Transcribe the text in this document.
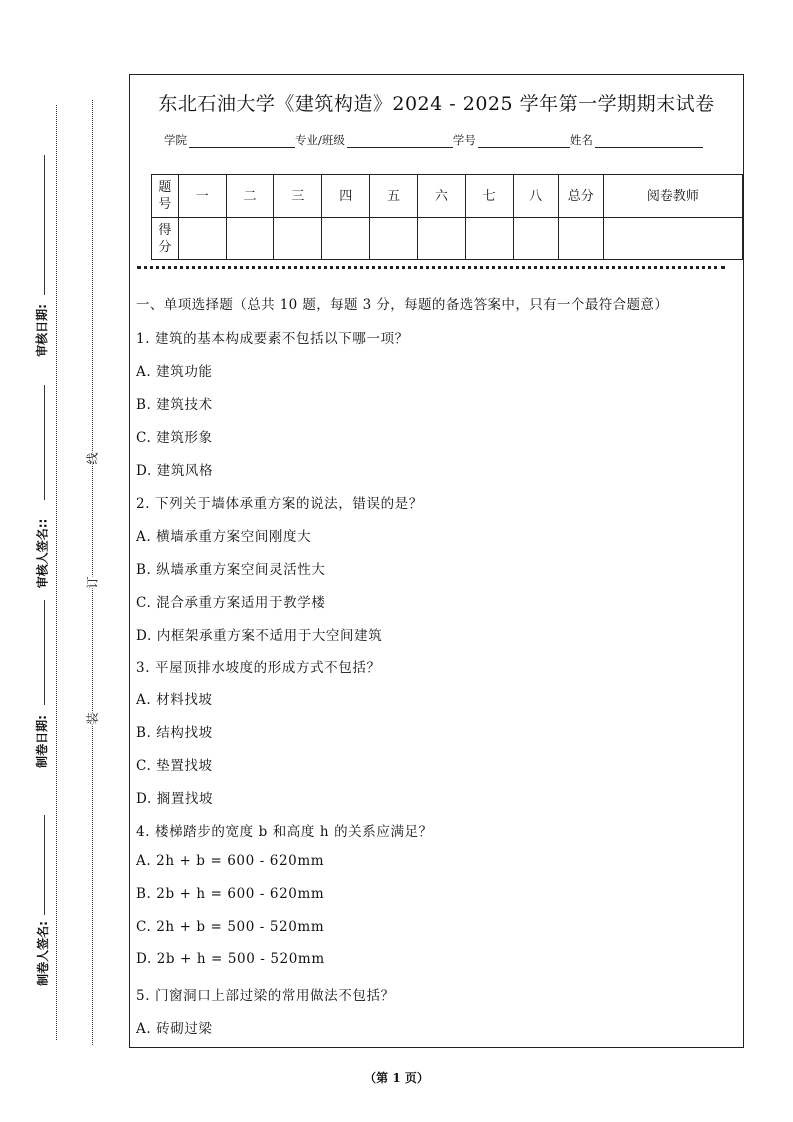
审核日期:
审核人签名::
制卷日期:
制卷人签名:
线
订
装
东北石油大学《建筑构造》2024 - 2025 学年第一学期期末试卷
学院	专业/班级	学号	姓名
题号	一	二	三	四	五	六	七	八	总分	阅卷教师
得分										
一、单项选择题（总共 10 题，每题 3 分，每题的备选答案中，只有一个最符合题意）
1. 建筑的基本构成要素不包括以下哪一项？
A. 建筑功能
B. 建筑技术
C. 建筑形象
D. 建筑风格
2. 下列关于墙体承重方案的说法，错误的是？
A. 横墙承重方案空间刚度大
B. 纵墙承重方案空间灵活性大
C. 混合承重方案适用于教学楼
D. 内框架承重方案不适用于大空间建筑
3. 平屋顶排水坡度的形成方式不包括？
A. 材料找坡
B. 结构找坡
C. 垫置找坡
D. 搁置找坡
4. 楼梯踏步的宽度 b 和高度 h 的关系应满足？
A. 2h + b = 600 - 620mm
B. 2b + h = 600 - 620mm
C. 2h + b = 500 - 520mm
D. 2b + h = 500 - 520mm
5. 门窗洞口上部过梁的常用做法不包括？
A. 砖砌过梁
（第 1 页）
